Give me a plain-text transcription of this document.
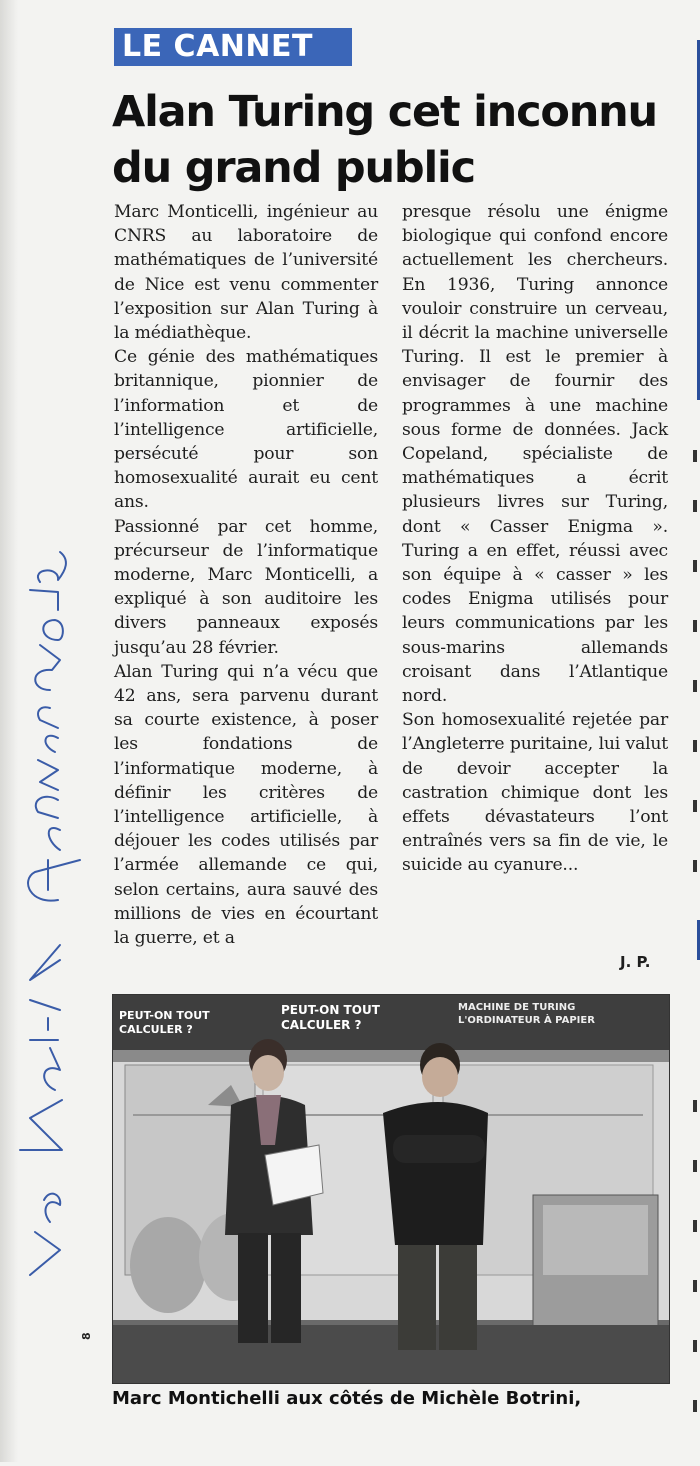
LE CANNET
Alan Turing cet inconnu
du grand public

Marc Monticelli, ingénieur au CNRS au laboratoire de mathématiques de l’université de Nice est venu commenter l’exposition sur Alan Turing à la médiathèque.

Ce génie des mathématiques britannique, pionnier de l’information et de l’intelligence artificielle, persécuté pour son homosexualité aurait eu cent ans.

Passionné par cet homme, précurseur de l’informatique moderne, Marc Monticelli, a expliqué à son auditoire les divers panneaux exposés jusqu’au 28 février.

Alan Turing qui n’a vécu que 42 ans, sera parvenu durant sa courte existence, à poser les fondations de l’informatique moderne, à définir les critères de l’intelligence artificielle, à déjouer les codes utilisés par l’armée allemande ce qui, selon certains, aura sauvé des millions de vies en écourtant la guerre, et a

presque résolu une énigme biologique qui confond encore actuellement les chercheurs. En 1936, Turing annonce vouloir construire un cerveau, il décrit la machine universelle Turing. Il est le premier à envisager de fournir des programmes à une machine sous forme de données. Jack Copeland, spécialiste de mathématiques a écrit plusieurs livres sur Turing, dont « Casser Enigma ». Turing a en effet, réussi avec son équipe à « casser » les codes Enigma utilisés pour leurs communications par les sous-marins allemands croisant dans l’Atlantique nord.

Son homosexualité rejetée par l’Angleterre puritaine, lui valut de devoir accepter la castration chimique dont les effets dévastateurs l’ont entraînés vers sa fin de vie, le suicide au cyanure...

J. P.
PEUT-ON TOUT CALCULER ?
PEUT-ON TOUT CALCULER ?
MACHINE DE TURING L'ORDINATEUR À PAPIER
8
Marc Montichelli aux côtés de Michèle Botrini,
